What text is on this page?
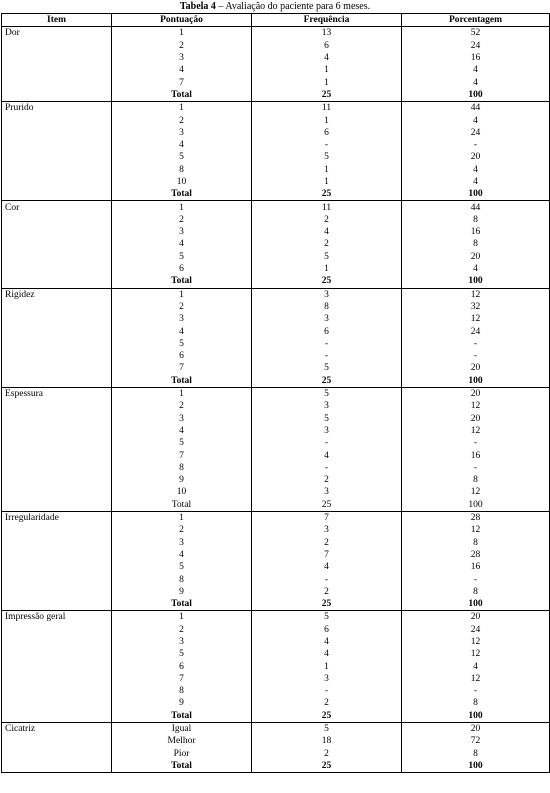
Tabela 4 – Avaliação do paciente para 6 meses.

Item	Pontuação	Frequência	Porcentagem
Dor	1	13	52
	2	6	24
	3	4	16
	4	1	4
	7	1	4
	Total	25	100
Prurido	1	11	44
	2	1	4
	3	6	24
	4	-	-
	5	5	20
	8	1	4
	10	1	4
	Total	25	100
Cor	1	11	44
	2	2	8
	3	4	16
	4	2	8
	5	5	20
	6	1	4
	Total	25	100
Rigidez	1	3	12
	2	8	32
	3	3	12
	4	6	24
	5	-	-
	6	-	-
	7	5	20
	Total	25	100
Espessura	1	5	20
	2	3	12
	3	5	20
	4	3	12
	5	-	-
	7	4	16
	8	-	-
	9	2	8
	10	3	12
	Total	25	100
Irregularidade	1	7	28
	2	3	12
	3	2	8
	4	7	28
	5	4	16
	8	-	-
	9	2	8
	Total	25	100
Impressão geral	1	5	20
	2	6	24
	3	4	12
	5	4	12
	6	1	4
	7	3	12
	8	-	-
	9	2	8
	Total	25	100
Cicatriz	Igual	5	20
	Melhor	18	72
	Pior	2	8
	Total	25	100
